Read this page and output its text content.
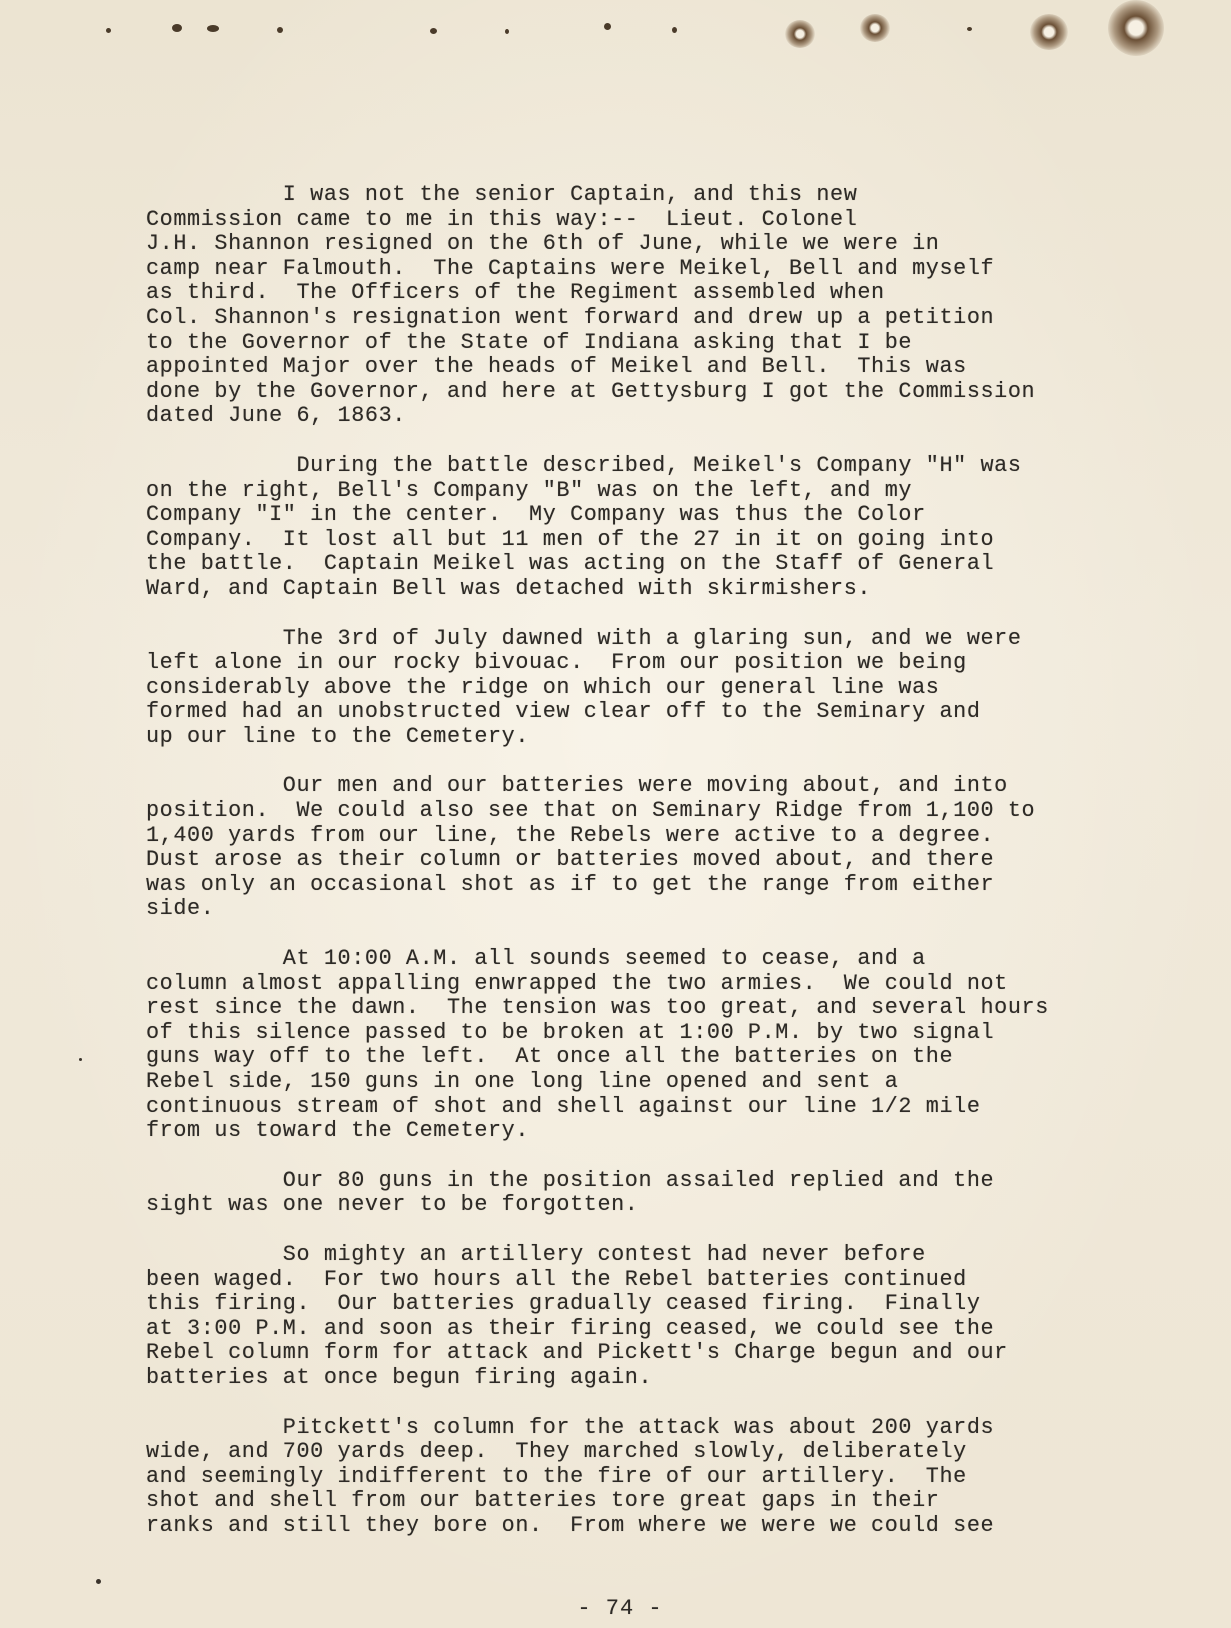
I was not the senior Captain, and this new
Commission came to me in this way:--  Lieut. Colonel
J.H. Shannon resigned on the 6th of June, while we were in
camp near Falmouth.  The Captains were Meikel, Bell and myself
as third.  The Officers of the Regiment assembled when
Col. Shannon's resignation went forward and drew up a petition
to the Governor of the State of Indiana asking that I be
appointed Major over the heads of Meikel and Bell.  This was
done by the Governor, and here at Gettysburg I got the Commission
dated June 6, 1863.
During the battle described, Meikel's Company "H" was
on the right, Bell's Company "B" was on the left, and my
Company "I" in the center.  My Company was thus the Color
Company.  It lost all but 11 men of the 27 in it on going into
the battle.  Captain Meikel was acting on the Staff of General
Ward, and Captain Bell was detached with skirmishers.
The 3rd of July dawned with a glaring sun, and we were
left alone in our rocky bivouac.  From our position we being
considerably above the ridge on which our general line was
formed had an unobstructed view clear off to the Seminary and
up our line to the Cemetery.
Our men and our batteries were moving about, and into
position.  We could also see that on Seminary Ridge from 1,100 to
1,400 yards from our line, the Rebels were active to a degree.
Dust arose as their column or batteries moved about, and there
was only an occasional shot as if to get the range from either
side.
At 10:00 A.M. all sounds seemed to cease, and a
column almost appalling enwrapped the two armies.  We could not
rest since the dawn.  The tension was too great, and several hours
of this silence passed to be broken at 1:00 P.M. by two signal
guns way off to the left.  At once all the batteries on the
Rebel side, 150 guns in one long line opened and sent a
continuous stream of shot and shell against our line 1/2 mile
from us toward the Cemetery.
Our 80 guns in the position assailed replied and the
sight was one never to be forgotten.
So mighty an artillery contest had never before
been waged.  For two hours all the Rebel batteries continued
this firing.  Our batteries gradually ceased firing.  Finally
at 3:00 P.M. and soon as their firing ceased, we could see the
Rebel column form for attack and Pickett's Charge begun and our
batteries at once begun firing again.
Pitckett's column for the attack was about 200 yards
wide, and 700 yards deep.  They marched slowly, deliberately
and seemingly indifferent to the fire of our artillery.  The
shot and shell from our batteries tore great gaps in their
ranks and still they bore on.  From where we were we could see
- 74 -
